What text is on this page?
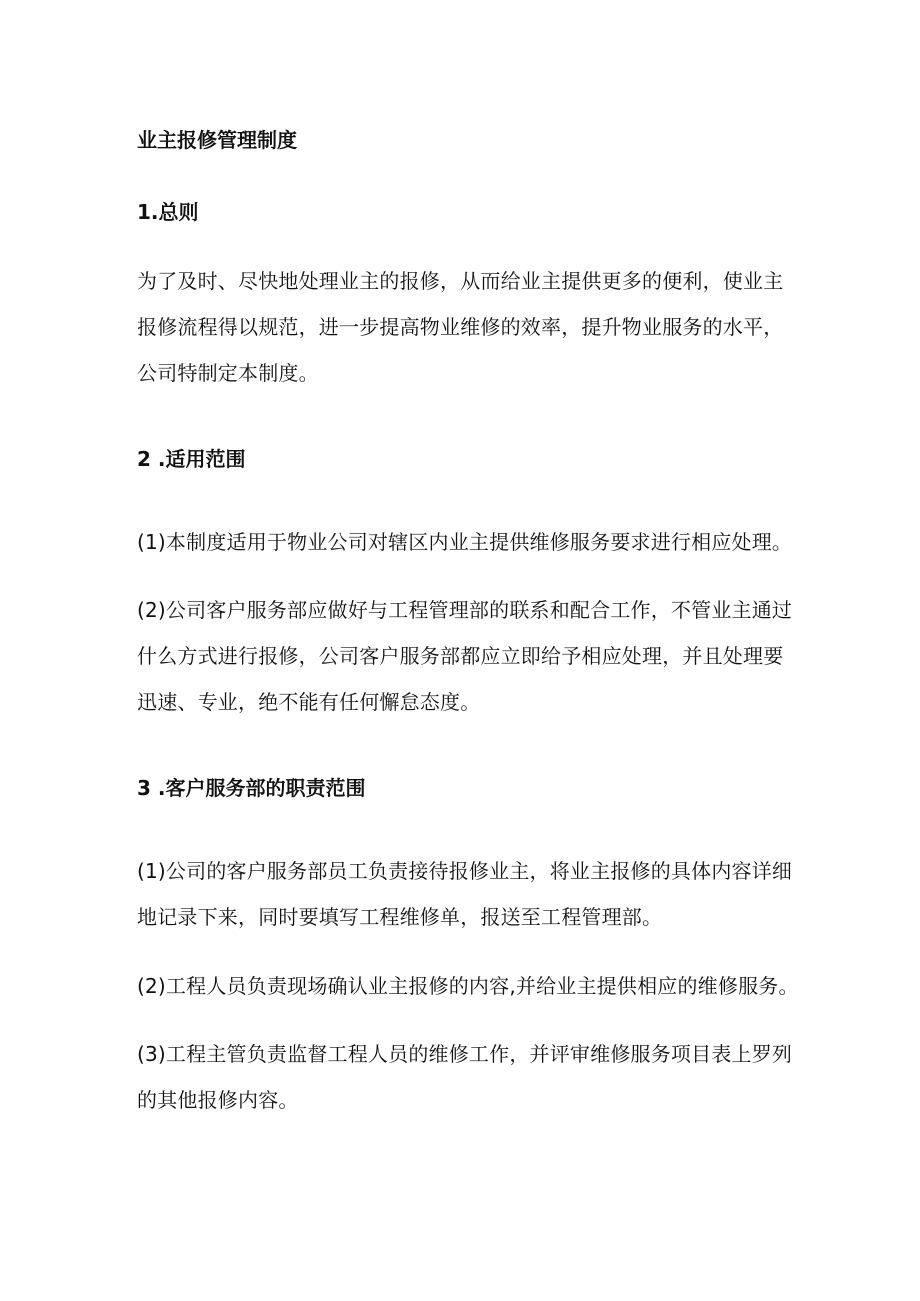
业主报修管理制度
1.总则

为了及时、尽快地处理业主的报修，从而给业主提供更多的便利，使业主
报修流程得以规范，进一步提高物业维修的效率，提升物业服务的水平，
公司特制定本制度。

2 .适用范围

(1)本制度适用于物业公司对辖区内业主提供维修服务要求进行相应处理。

(2)公司客户服务部应做好与工程管理部的联系和配合工作，不管业主通过
什么方式进行报修，公司客户服务部都应立即给予相应处理，并且处理要
迅速、专业，绝不能有任何懈怠态度。

3 .客户服务部的职责范围

(1)公司的客户服务部员工负责接待报修业主，将业主报修的具体内容详细
地记录下来，同时要填写工程维修单，报送至工程管理部。

(2)工程人员负责现场确认业主报修的内容,并给业主提供相应的维修服务。

(3)工程主管负责监督工程人员的维修工作，并评审维修服务项目表上罗列
的其他报修内容。
